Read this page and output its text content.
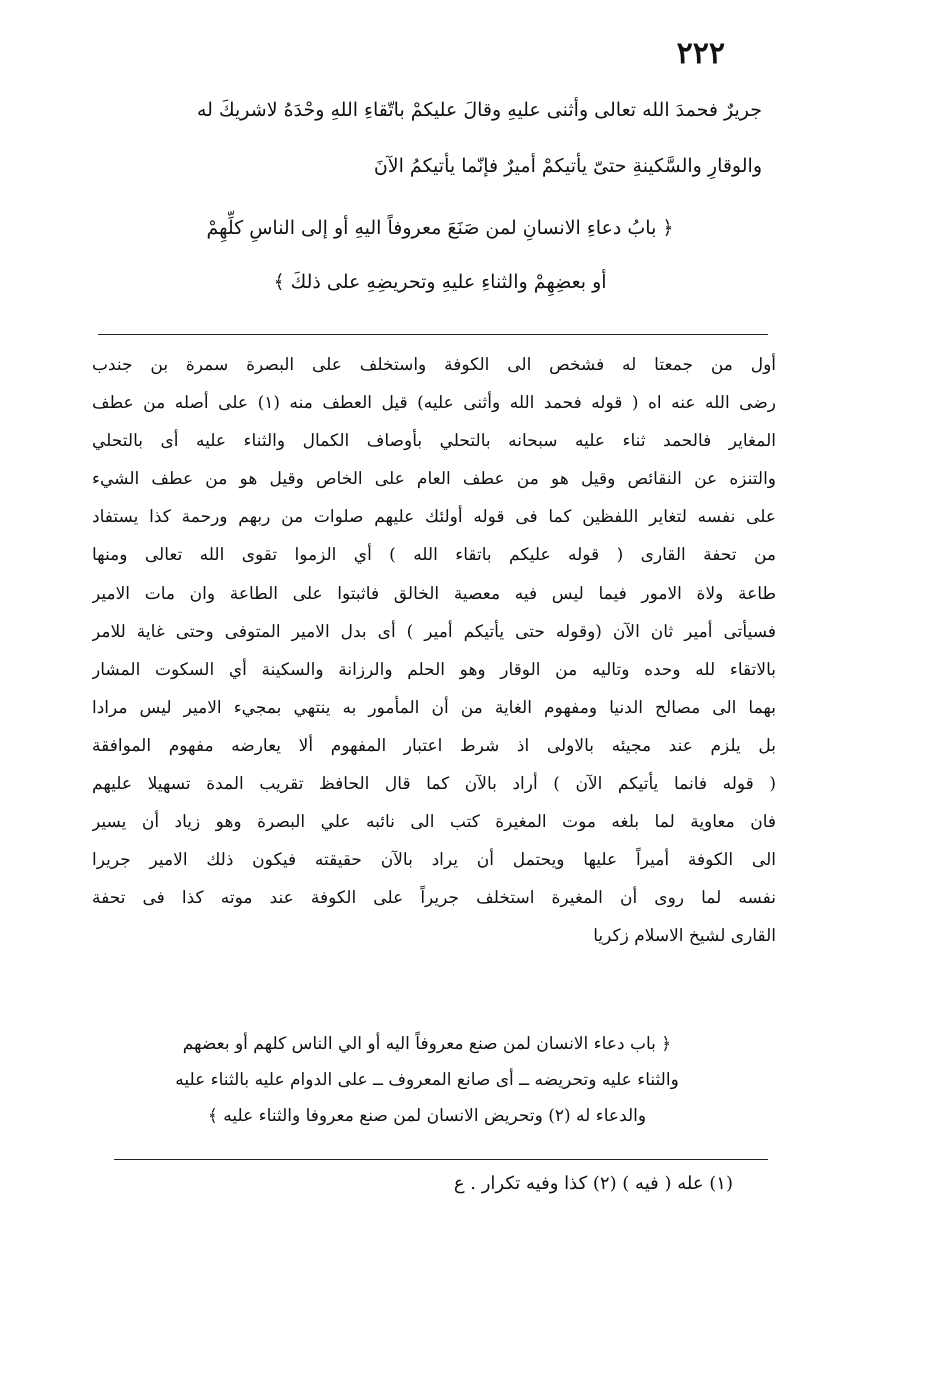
٢٢٢
جريرٌ فحمدَ الله تعالى وأثنى عليهِ وقالَ عليكمْ باتّقاءِ اللهِ وحْدَهُ لاشريكَ له
والوقارِ والسَّكينةِ حتىّ يأتيكمْ أميرٌ فإنّما يأتيكمُ الآنَ
﴿ بابُ دعاءِ الانسانِ لمن صَنَعَ معروفاً اليهِ أو إلى الناسِ كلِّهِمْ
أو بعضِهِمْ والثناءِ عليهِ وتحريضِهِ على ذلكَ ﴾
أول من جمعتا له فشخص الى الكوفة واستخلف على البصرة سمرة بن جندب
رضى الله عنه اه ( قوله فحمد الله وأثنى عليه) قيل العطف منه (١) على أصله من عطف
المغاير فالحمد ثناء عليه سبحانه بالتحلي بأوصاف الكمال والثناء عليه أى بالتحلي
والتنزه عن النقائص وقيل هو من عطف العام على الخاص وقيل هو من عطف الشيء
على نفسه لتغاير اللفظين كما فى قوله أولئك عليهم صلوات من ربهم ورحمة كذا يستفاد
من تحفة القارى ( قوله عليكم باتقاء الله ) أي الزموا تقوى الله تعالى ومنها
طاعة ولاة الامور فيما ليس فيه معصية الخالق فاثبتوا على الطاعة وان مات الامير
فسيأتى أمير ثان الآن (وقوله حتى يأتيكم أمير ) أى بدل الامير المتوفى وحتى غاية للامر
بالاتقاء لله وحده وتاليه من الوقار وهو الحلم والرزانة والسكينة أي السكوت المشار
بهما الى مصالح الدنيا ومفهوم الغاية من أن المأمور به ينتهي بمجيء الامير ليس مرادا
بل يلزم عند مجيئه بالاولى اذ شرط اعتبار المفهوم ألا يعارضه مفهوم الموافقة
( قوله فانما يأتيكم الآن ) أراد بالآن كما قال الحافظ تقريب المدة تسهيلا عليهم
فان معاوية لما بلغه موت المغيرة كتب الى نائبه علي البصرة وهو زياد أن يسير
الى الكوفة أميراً عليها ويحتمل أن يراد بالآن حقيقته فيكون ذلك الامير جريرا
نفسه لما روى أن المغيرة استخلف جريراً على الكوفة عند موته كذا فى تحفة
القارى لشيخ الاسلام زكريا
﴿ باب دعاء الانسان لمن صنع معروفاً اليه أو الي الناس كلهم أو بعضهم
والثناء عليه وتحريضه ــ أى صانع المعروف ــ على الدوام عليه بالثناء عليه
والدعاء له (٢) وتحريض الانسان لمن صنع معروفا والثناء عليه ﴾
(١) عله ( فيه ) (٢) كذا وفيه تكرار . ع
